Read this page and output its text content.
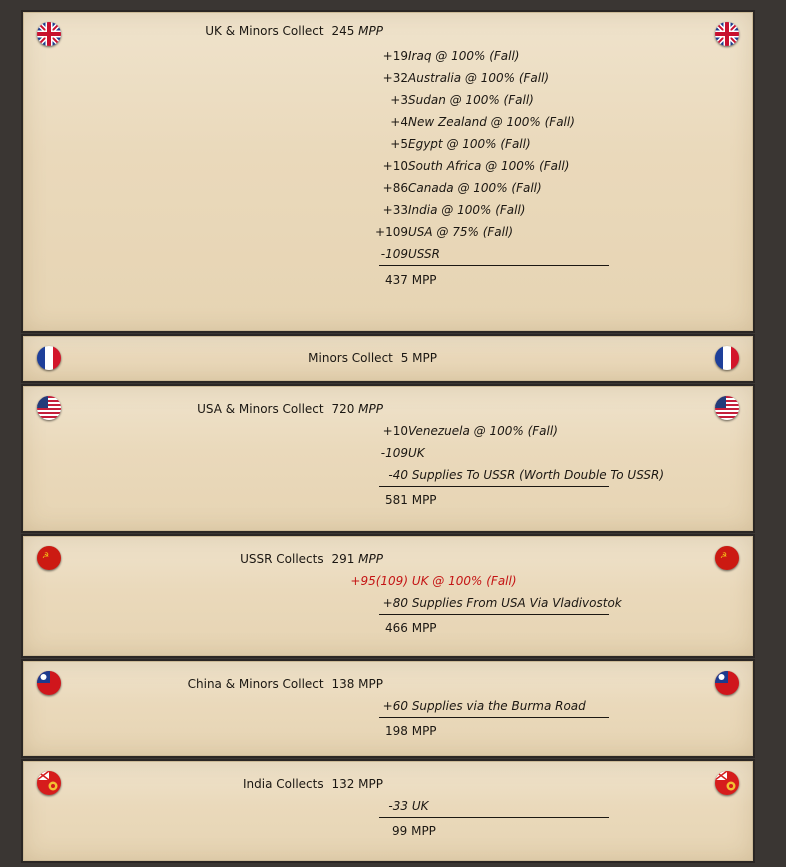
UK & Minors Collect 245 MPP
+19Iraq @ 100% (Fall)
+32Australia @ 100% (Fall)
+3Sudan @ 100% (Fall)
+4New Zealand @ 100% (Fall)
+5Egypt @ 100% (Fall)
+10South Africa @ 100% (Fall)
+86Canada @ 100% (Fall)
+33India @ 100% (Fall)
+109USA @ 75% (Fall)
-109USSR
437 MPP
Minors Collect 5 MPP
USA & Minors Collect 720 MPP
+10Venezuela @ 100% (Fall)
-109UK
-40 Supplies To USSR (Worth Double To USSR)
581 MPP
☭	☭
USSR Collects 291 MPP
+95(109) UK @ 100% (Fall)
+80 Supplies From USA Via Vladivostok
466 MPP
China & Minors Collect 138 MPP
+60 Supplies via the Burma Road
198 MPP
India Collects 132 MPP
-33 UK
99 MPP
